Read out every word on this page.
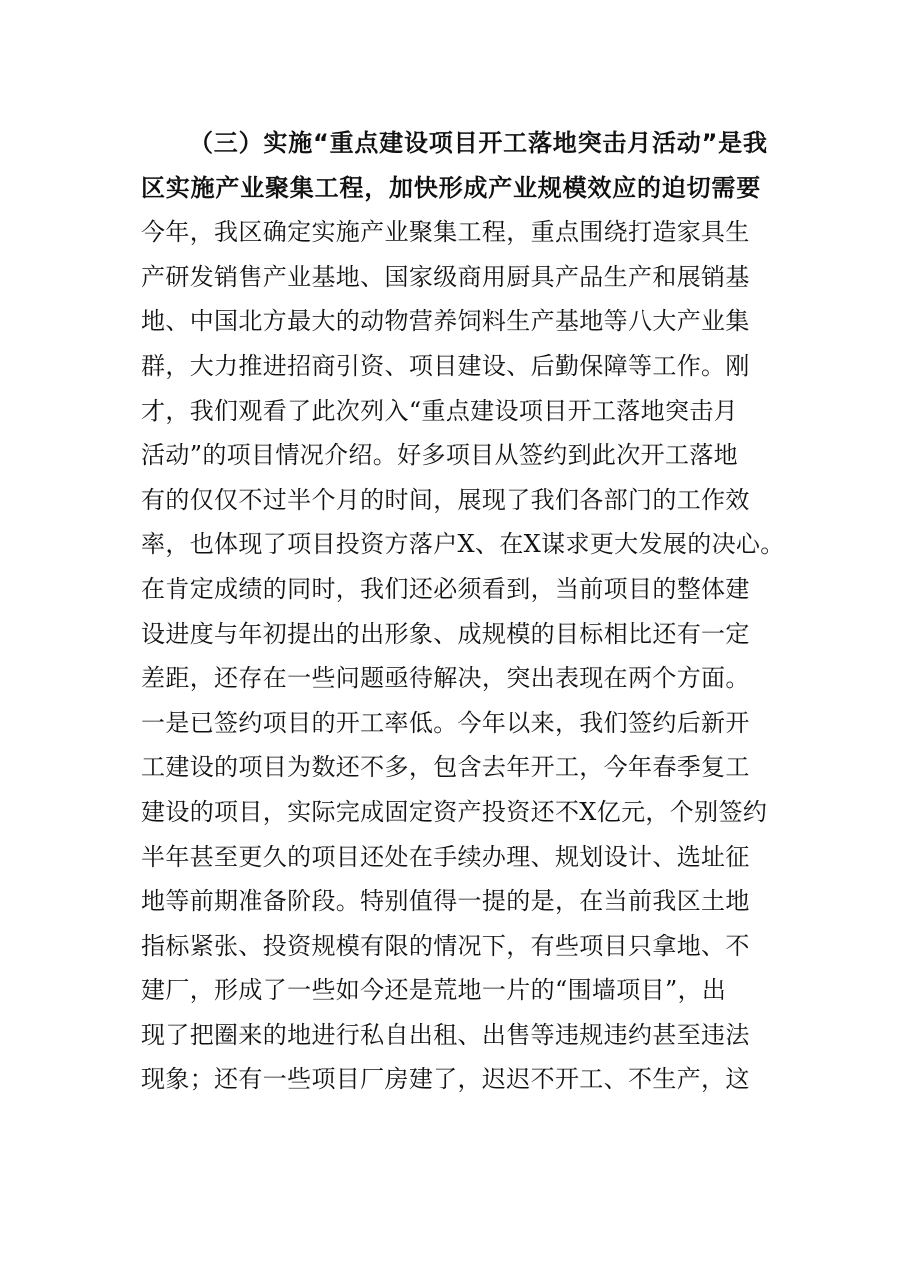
（三）实施“重点建设项目开工落地突击月活动”是我
区实施产业聚集工程，加快形成产业规模效应的迫切需要
今年，我区确定实施产业聚集工程，重点围绕打造家具生
产研发销售产业基地、国家级商用厨具产品生产和展销基
地、中国北方最大的动物营养饲料生产基地等八大产业集
群，大力推进招商引资、项目建设、后勤保障等工作。刚
才，我们观看了此次列入“重点建设项目开工落地突击月
活动”的项目情况介绍。好多项目从签约到此次开工落地
有的仅仅不过半个月的时间，展现了我们各部门的工作效
率，也体现了项目投资方落户X、在X谋求更大发展的决心。
在肯定成绩的同时，我们还必须看到，当前项目的整体建
设进度与年初提出的出形象、成规模的目标相比还有一定
差距，还存在一些问题亟待解决，突出表现在两个方面。
一是已签约项目的开工率低。今年以来，我们签约后新开
工建设的项目为数还不多，包含去年开工，今年春季复工
建设的项目，实际完成固定资产投资还不X亿元，个别签约
半年甚至更久的项目还处在手续办理、规划设计、选址征
地等前期准备阶段。特别值得一提的是，在当前我区土地
指标紧张、投资规模有限的情况下，有些项目只拿地、不
建厂，形成了一些如今还是荒地一片的“围墙项目”，出
现了把圈来的地进行私自出租、出售等违规违约甚至违法
现象；还有一些项目厂房建了，迟迟不开工、不生产，这
